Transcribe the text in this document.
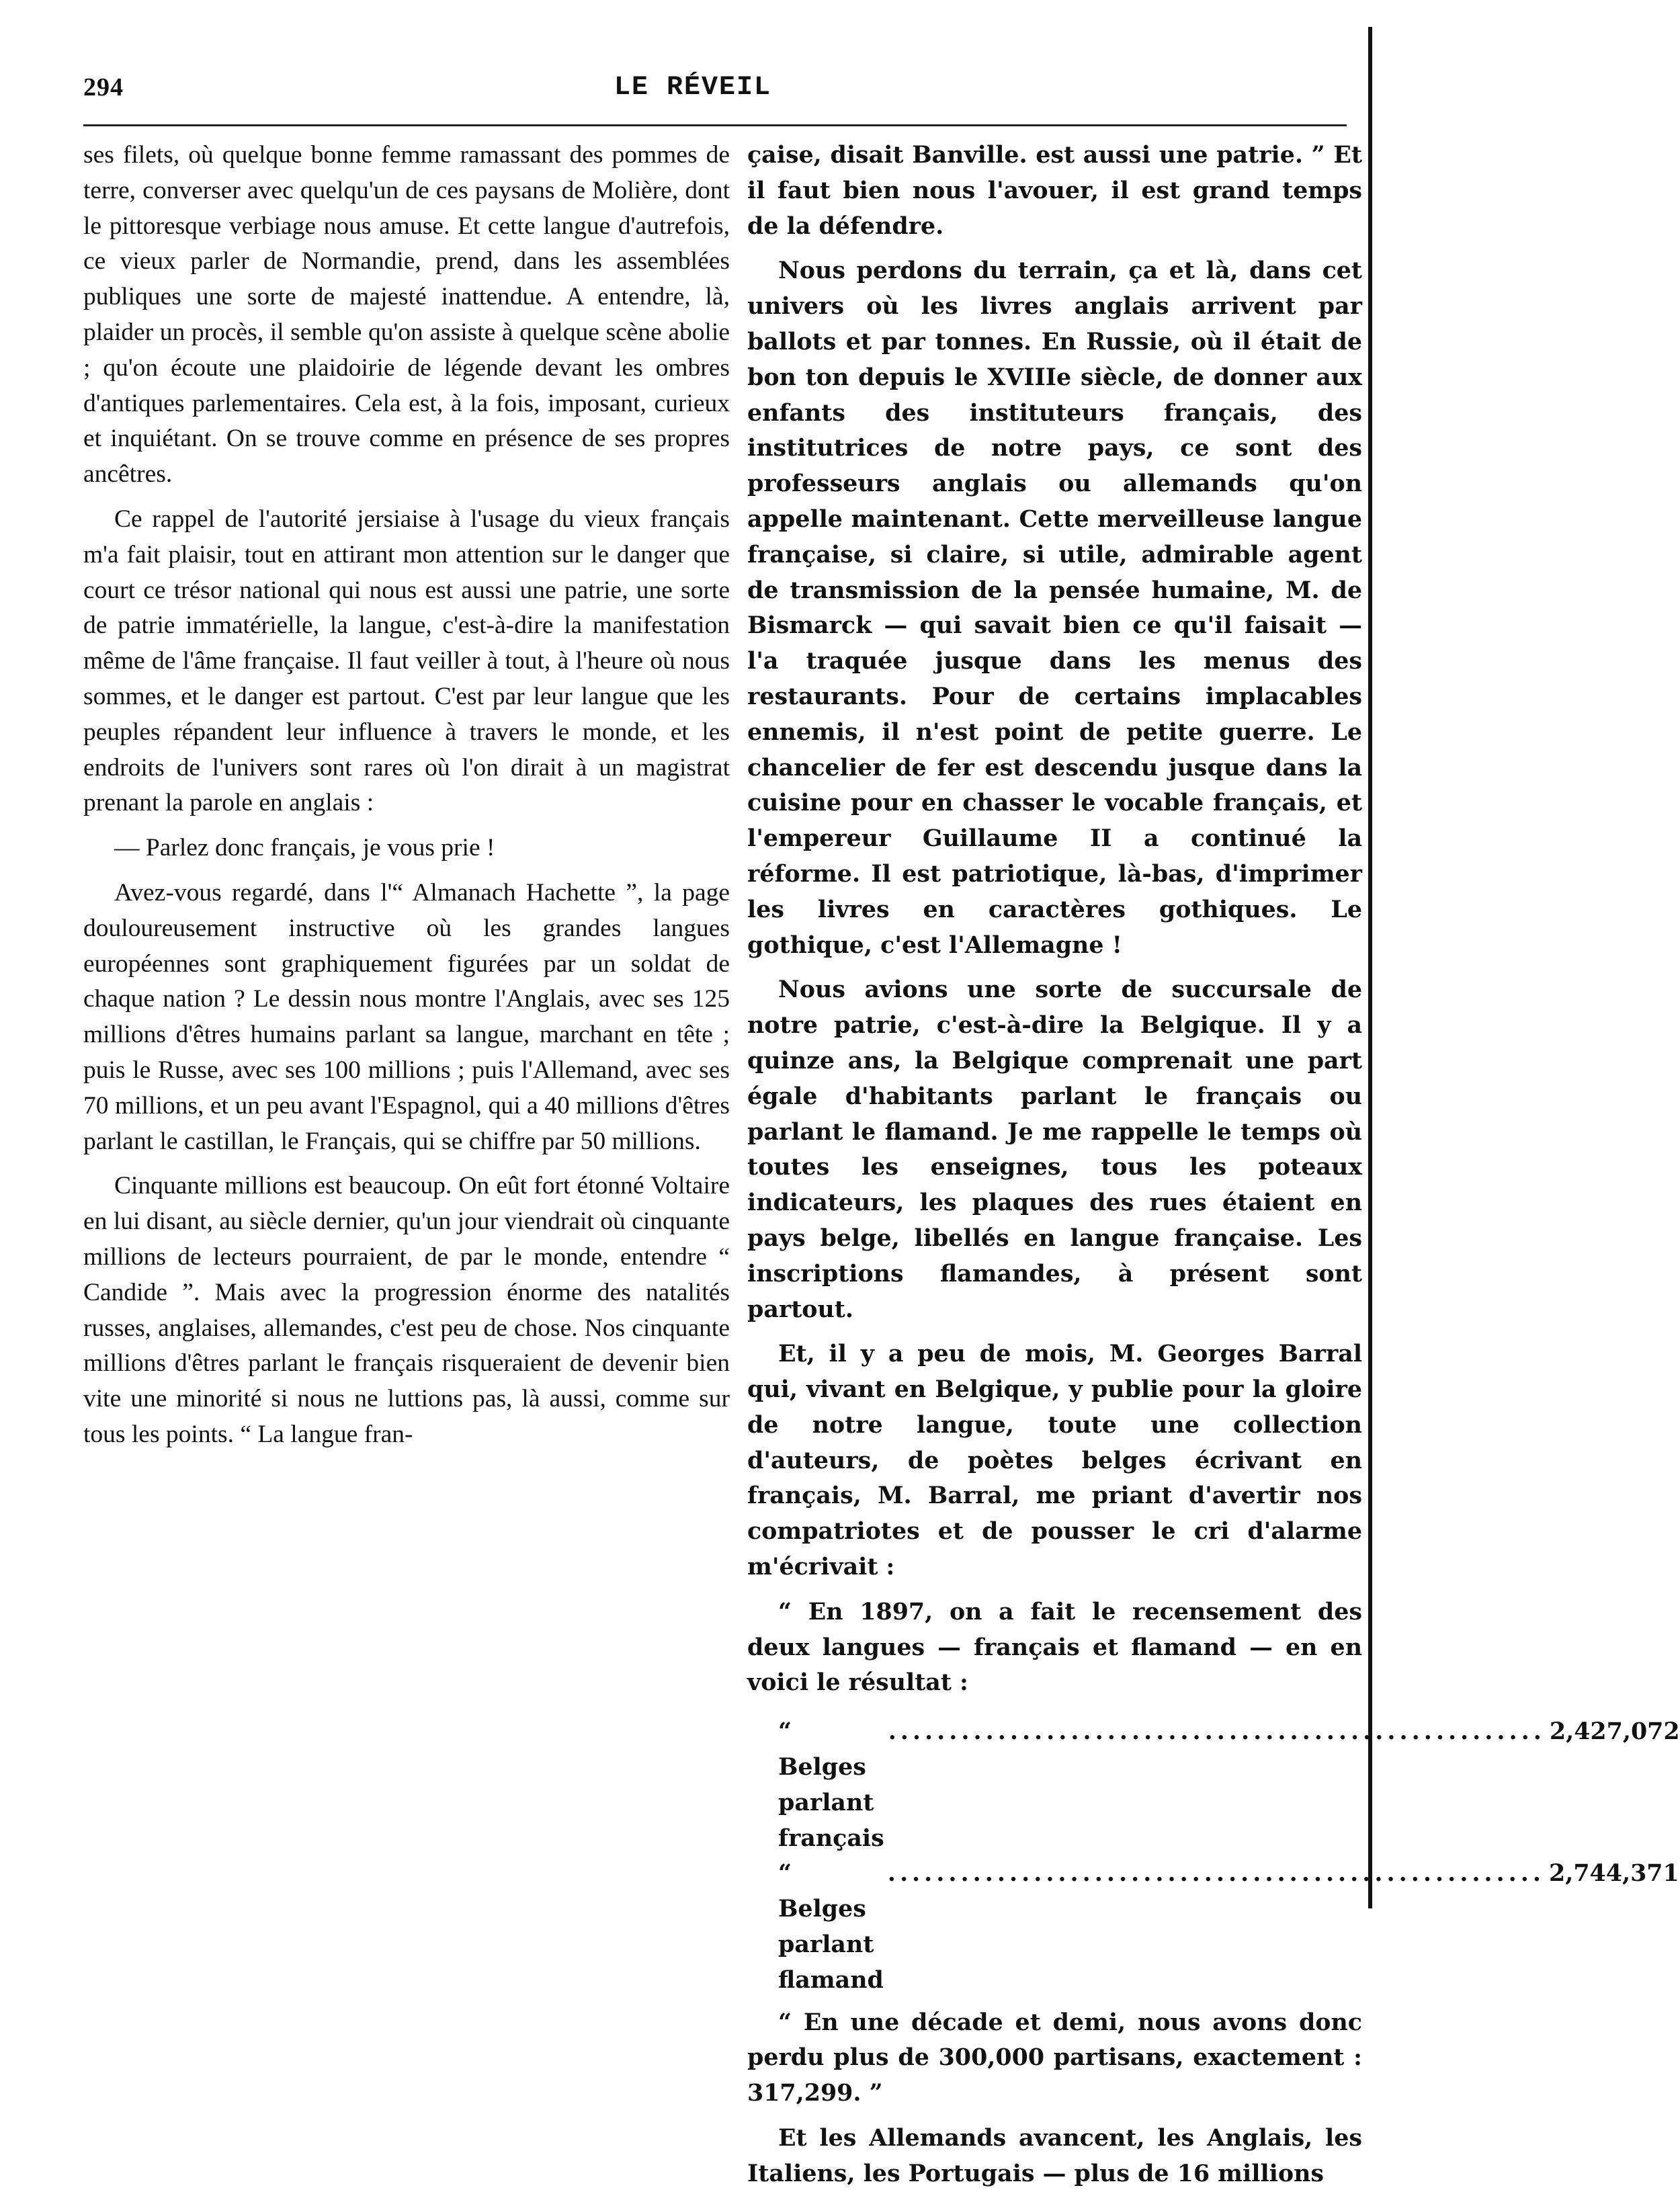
294	LE RÉVEIL

ses filets, où quelque bonne femme ramassant des pommes de terre, converser avec quelqu'un de ces paysans de Molière, dont le pittoresque verbiage nous amuse. Et cette langue d'autrefois, ce vieux parler de Normandie, prend, dans les assemblées publiques une sorte de majesté inattendue. A entendre, là, plaider un procès, il semble qu'on assiste à quelque scène abolie ; qu'on écoute une plaidoirie de légende devant les ombres d'antiques parlementaires. Cela est, à la fois, imposant, curieux et inquiétant. On se trouve comme en présence de ses propres ancêtres.

Ce rappel de l'autorité jersiaise à l'usage du vieux français m'a fait plaisir, tout en attirant mon attention sur le danger que court ce trésor national qui nous est aussi une patrie, une sorte de patrie immatérielle, la langue, c'est-à-dire la manifestation même de l'âme française. Il faut veiller à tout, à l'heure où nous sommes, et le danger est partout. C'est par leur langue que les peuples répandent leur influence à travers le monde, et les endroits de l'univers sont rares où l'on dirait à un magistrat prenant la parole en anglais :

— Parlez donc français, je vous prie !

Avez-vous regardé, dans l'“ Almanach Hachette ”, la page douloureusement instructive où les grandes langues européennes sont graphiquement figurées par un soldat de chaque nation ? Le dessin nous montre l'Anglais, avec ses 125 millions d'êtres humains parlant sa langue, marchant en tête ; puis le Russe, avec ses 100 millions ; puis l'Allemand, avec ses 70 millions, et un peu avant l'Espagnol, qui a 40 millions d'êtres parlant le castillan, le Français, qui se chiffre par 50 millions.

Cinquante millions est beaucoup. On eût fort étonné Voltaire en lui disant, au siècle dernier, qu'un jour viendrait où cinquante millions de lecteurs pourraient, de par le monde, entendre “ Candide ”. Mais avec la progression énorme des natalités russes, anglaises, allemandes, c'est peu de chose. Nos cinquante millions d'êtres parlant le français risqueraient de devenir bien vite une minorité si nous ne luttions pas, là aussi, comme sur tous les points. “ La langue fran-

çaise, disait Banville. est aussi une patrie. ” Et il faut bien nous l'avouer, il est grand temps de la défendre.

Nous perdons du terrain, ça et là, dans cet univers où les livres anglais arrivent par ballots et par tonnes. En Russie, où il était de bon ton depuis le XVIIIe siècle, de donner aux enfants des instituteurs français, des institutrices de notre pays, ce sont des professeurs anglais ou allemands qu'on appelle maintenant. Cette merveilleuse langue française, si claire, si utile, admirable agent de transmission de la pensée humaine, M. de Bismarck — qui savait bien ce qu'il faisait — l'a traquée jusque dans les menus des restaurants. Pour de certains implacables ennemis, il n'est point de petite guerre. Le chancelier de fer est descendu jusque dans la cuisine pour en chasser le vocable français, et l'empereur Guillaume II a continué la réforme. Il est patriotique, là-bas, d'imprimer les livres en caractères gothiques. Le gothique, c'est l'Allemagne !

Nous avions une sorte de succursale de notre patrie, c'est-à-dire la Belgique. Il y a quinze ans, la Belgique comprenait une part égale d'habitants parlant le français ou parlant le flamand. Je me rappelle le temps où toutes les enseignes, tous les poteaux indicateurs, les plaques des rues étaient en pays belge, libellés en langue française. Les inscriptions flamandes, à présent sont partout.

Et, il y a peu de mois, M. Georges Barral qui, vivant en Belgique, y publie pour la gloire de notre langue, toute une collection d'auteurs, de poètes belges écrivant en français, M. Barral, me priant d'avertir nos compatriotes et de pousser le cri d'alarme m'écrivait :

“ En 1897, on a fait le recensement des deux langues — français et flamand — en en voici le résultat :

“ Belges parlant français
.....
2,427,072
“ Belges parlant flamand
.....
2,744,371

“ En une décade et demi, nous avons donc perdu plus de 300,000 partisans, exactement : 317,299. ”

Et les Allemands avancent, les Anglais, les Italiens, les Portugais — plus de 16 millions
